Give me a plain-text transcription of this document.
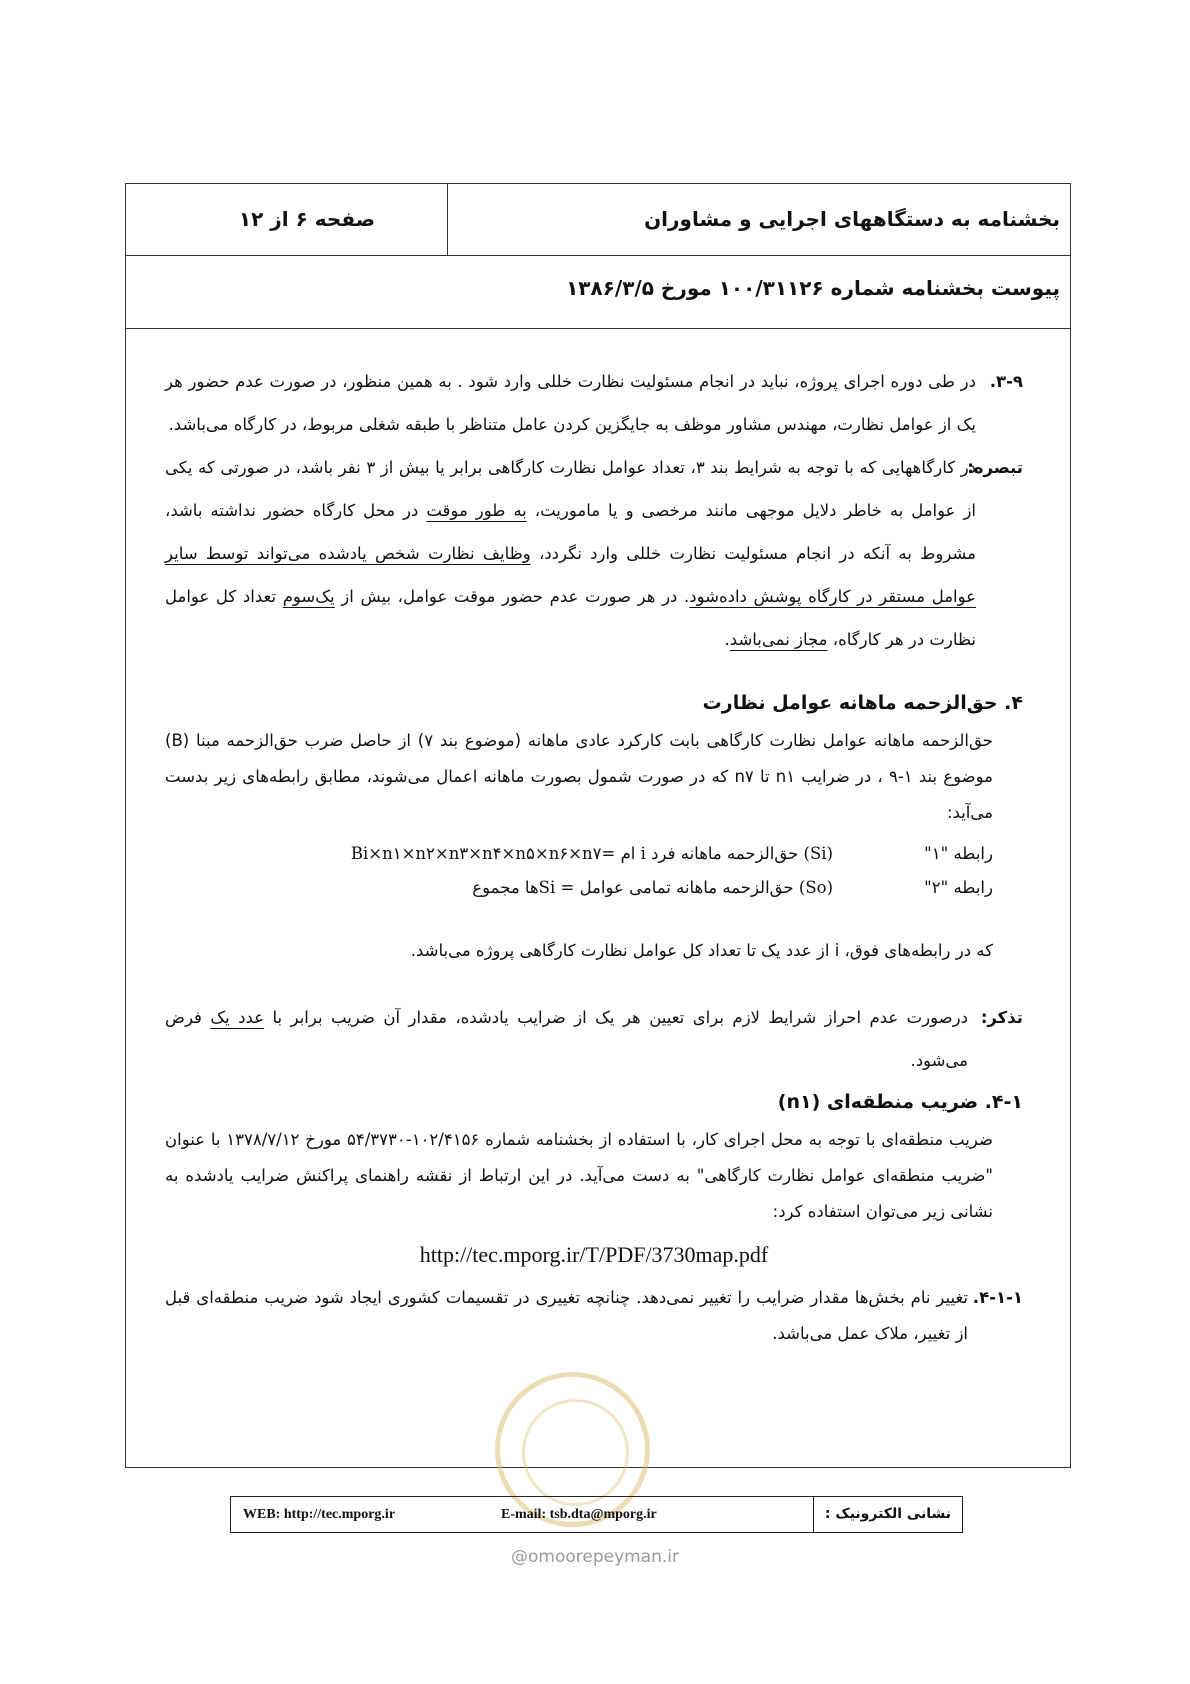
بخشنامه به دستگاههای اجرایی و مشاوران
صفحه ۶ از ۱۲
پیوست بخشنامه شماره ۱۰۰/۳۱۱۲۶ مورخ ۱۳۸۶/۳/۵
۳-۹.
در طی دوره اجرای پروژه، نباید در انجام مسئولیت نظارت خللی وارد شود . به همین منظور، در صورت عدم حضور هر یک از عوامل نظارت، مهندس مشاور موظف به جایگزین کردن عامل متناظر با طبقه شغلی مربوط، در کارگاه می‌باشد.
تبصره:
در کارگاههایی که با توجه به شرایط بند ۳، تعداد عوامل نظارت کارگاهی برابر یا بیش از ۳ نفر باشد، در صورتی که یکی از عوامل به خاطر دلایل موجهی مانند مرخصی و یا ماموریت، به طور موقت در محل کارگاه حضور نداشته باشد، مشروط به آنکه در انجام مسئولیت نظارت خللی وارد نگردد، وظایف نظارت شخص یادشده می‌تواند توسط سایر عوامل مستقر در کارگاه پوشش داده‌شود. در هر صورت عدم حضور موقت عوامل، بیش از یک‌سوم تعداد کل عوامل نظارت در هر کارگاه، مجاز نمی‌باشد.
۴. حق‌الزحمه ماهانه عوامل نظارت
حق‌الزحمه ماهانه عوامل نظارت کارگاهی بابت کارکرد عادی ماهانه (موضوع بند ۷) از حاصل ضرب حق‌الزحمه مبنا (B) موضوع بند ۱-۹ ، در ضرایب n۱ تا n۷ که در صورت شمول بصورت ماهانه اعمال می‌شوند، مطابق رابطه‌های زیر بدست می‌آید:
رابطه "۱"
(Si) حق‌الزحمه ماهانه فرد i ام =Bi×n۱×n۲×n۳×n۴×n۵×n۶×n۷
رابطه "۲"
(So) حق‌الزحمه ماهانه تمامی عوامل = Siها مجموع
که در رابطه‌های فوق، i از عدد یک تا تعداد کل عوامل نظارت کارگاهی پروژه می‌باشد.
تذکر:
درصورت عدم احراز شرایط لازم برای تعیین هر یک از ضرایب یادشده، مقدار آن ضریب برابر با عدد یک فرض می‌شود.
۴-۱. ضریب منطقه‌ای (n۱)
ضریب منطقه‌ای با توجه به محل اجرای کار، با استفاده از بخشنامه شماره ۱۰۲/۴۱۵۶-۵۴/۳۷۳۰ مورخ ۱۳۷۸/۷/۱۲ با عنوان "ضریب منطقه‌ای عوامل نظارت کارگاهی" به دست می‌آید. در این ارتباط از نقشه راهنمای پراکنش ضرایب یادشده به نشانی زیر می‌توان استفاده کرد:
http://tec.mporg.ir/T/PDF/3730map.pdf
۴-۱-۱.
تغییر نام بخش‌ها مقدار ضرایب را تغییر نمی‌دهد. چنانچه تغییری در تقسیمات کشوری ایجاد شود ضریب منطقه‌ای قبل از تغییر، ملاک عمل می‌باشد.
نشانی الکترونیک :
E-mail: tsb.dta@mporg.ir
WEB: http://tec.mporg.ir
@omoorepeyman.ir
